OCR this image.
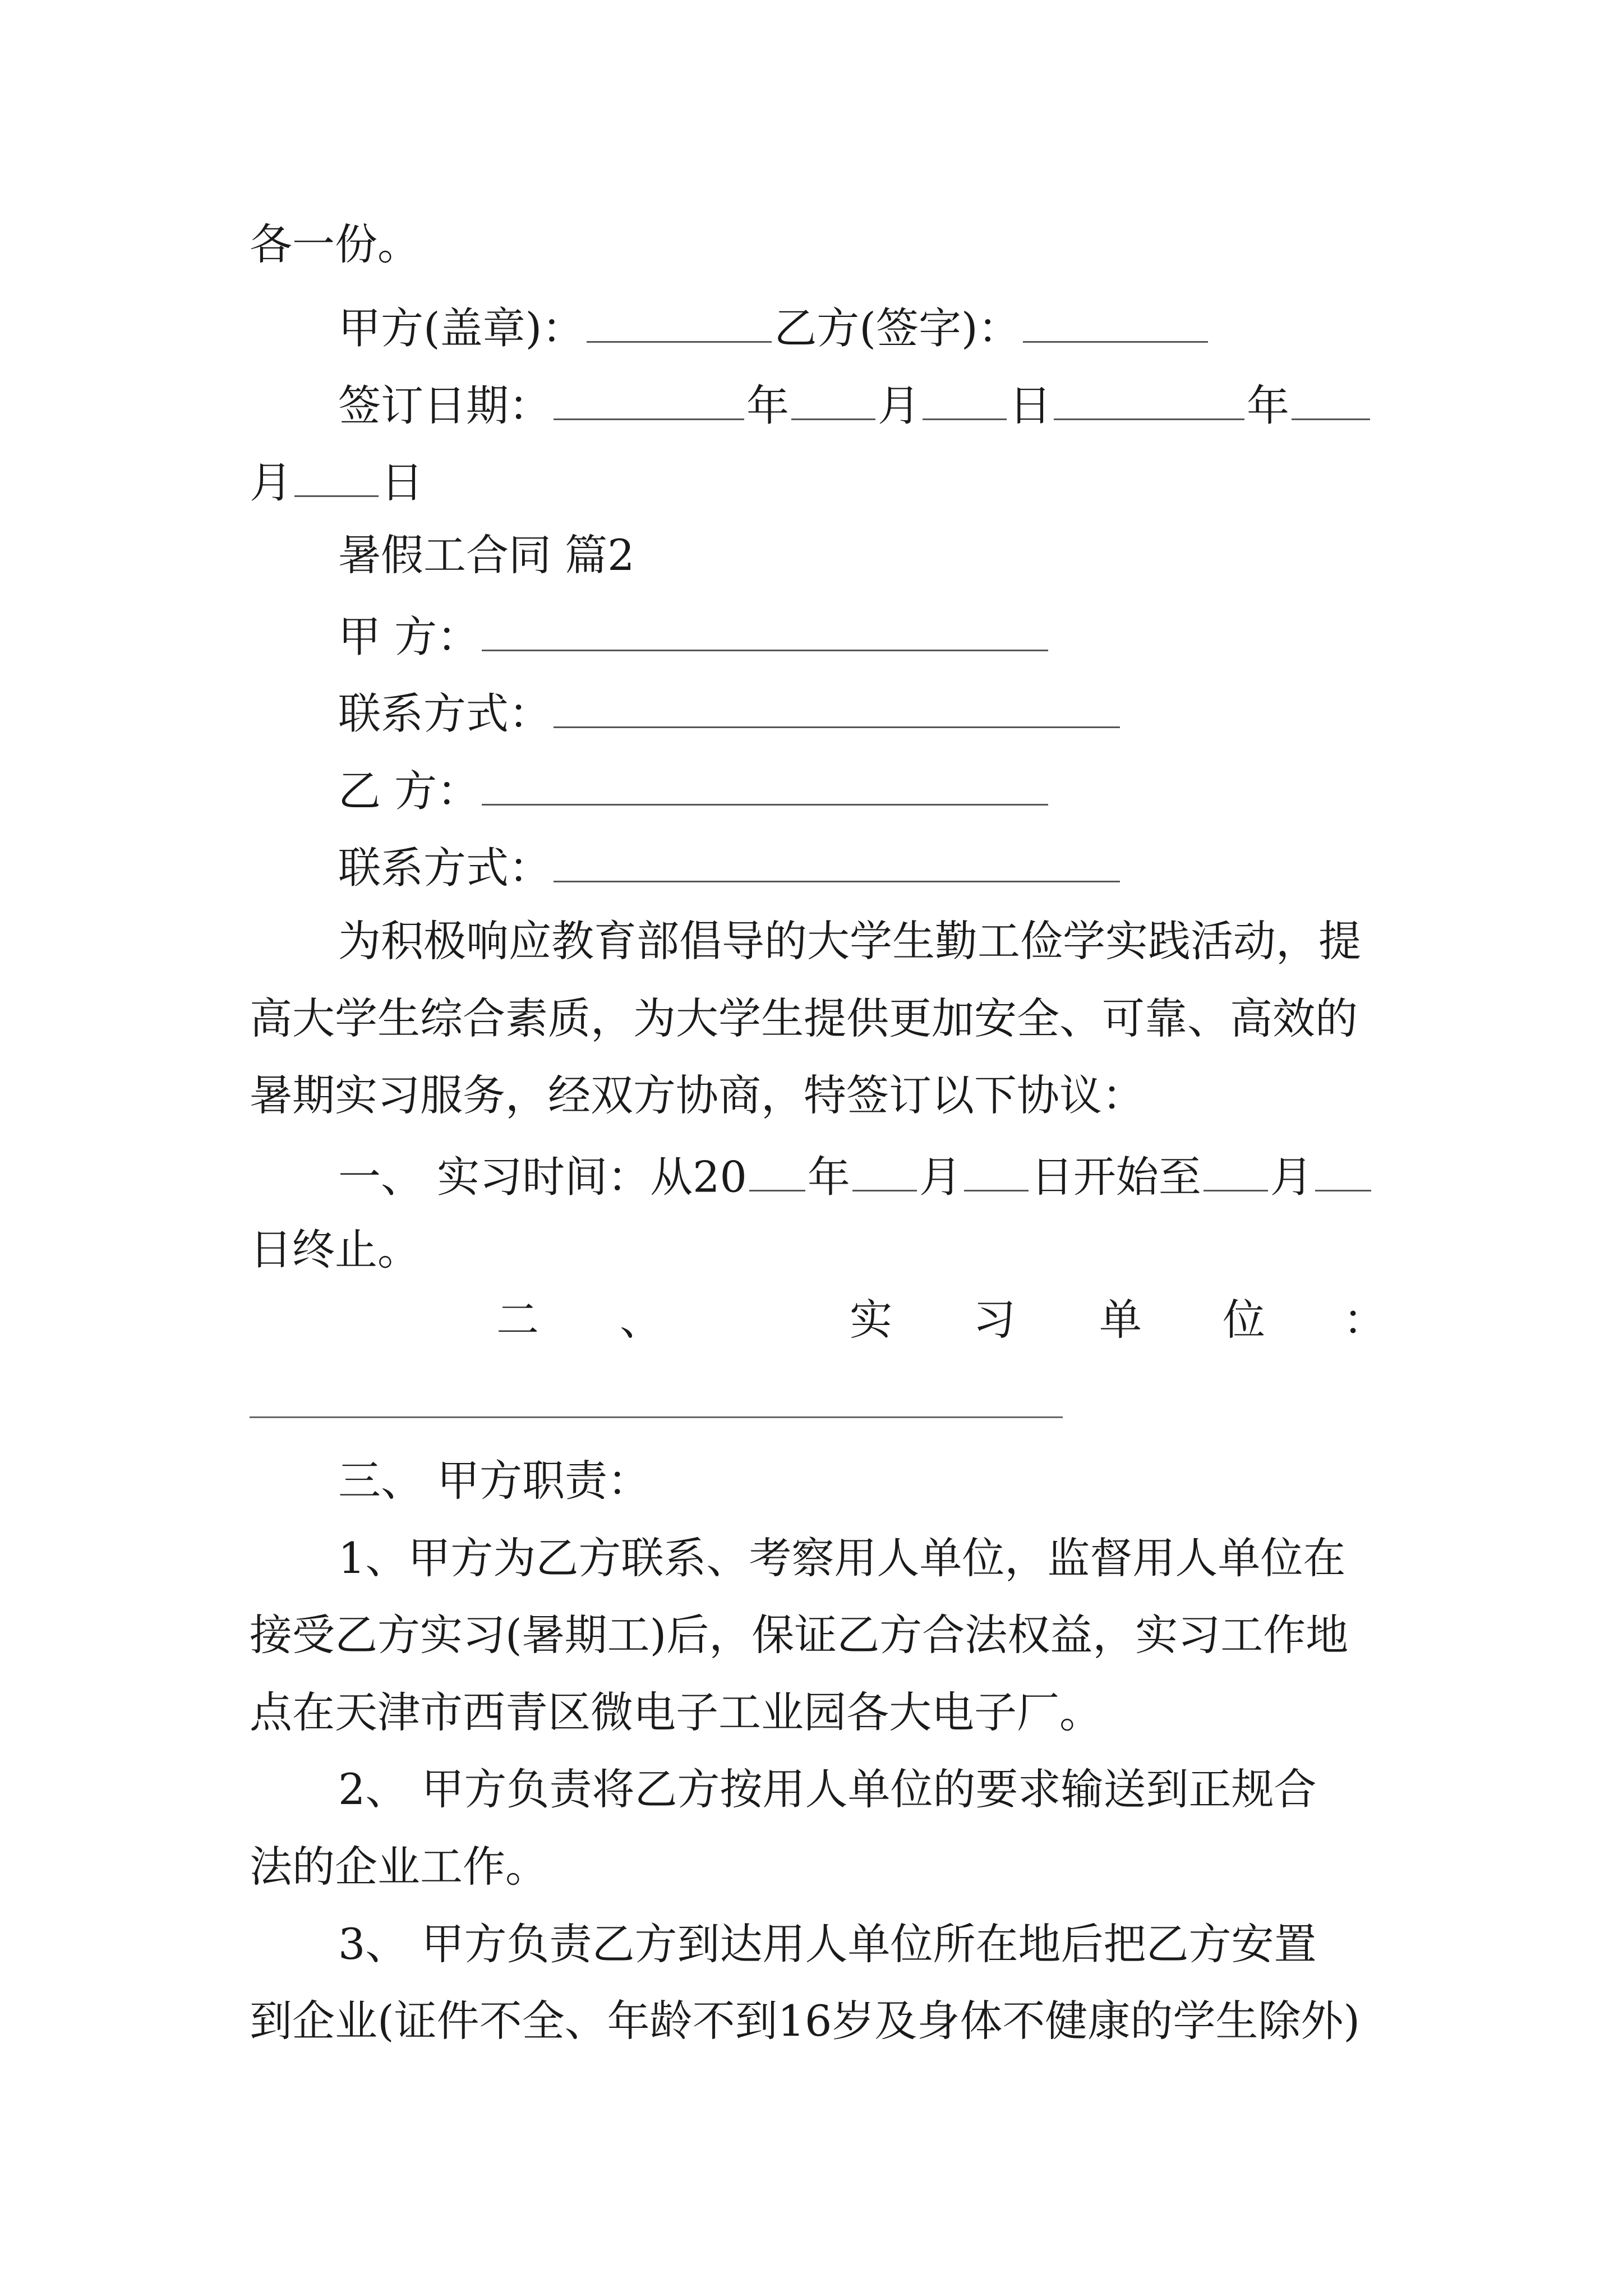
各一份。
甲方(盖章)：	乙方(签字)：
签订日期：	年 月 日	年
月 日
暑假工合同 篇2
甲 方：
联系方式：
乙 方：
联系方式：
为积极响应教育部倡导的大学生勤工俭学实践活动，提
高大学生综合素质，为大学生提供更加安全、可靠、高效的
暑期实习服务，经双方协商，特签订以下协议：
一、 实习时间：从20 年 月 日开始至 月
日终止。
二 、	实 习 单 位 ：
三、 甲方职责：
1、甲方为乙方联系、考察用人单位，监督用人单位在
接受乙方实习(暑期工)后，保证乙方合法权益，实习工作地
点在天津市西青区微电子工业园各大电子厂。
2、 甲方负责将乙方按用人单位的要求输送到正规合
法的企业工作。
3、 甲方负责乙方到达用人单位所在地后把乙方安置
到企业(证件不全、年龄不到16岁及身体不健康的学生除外)
